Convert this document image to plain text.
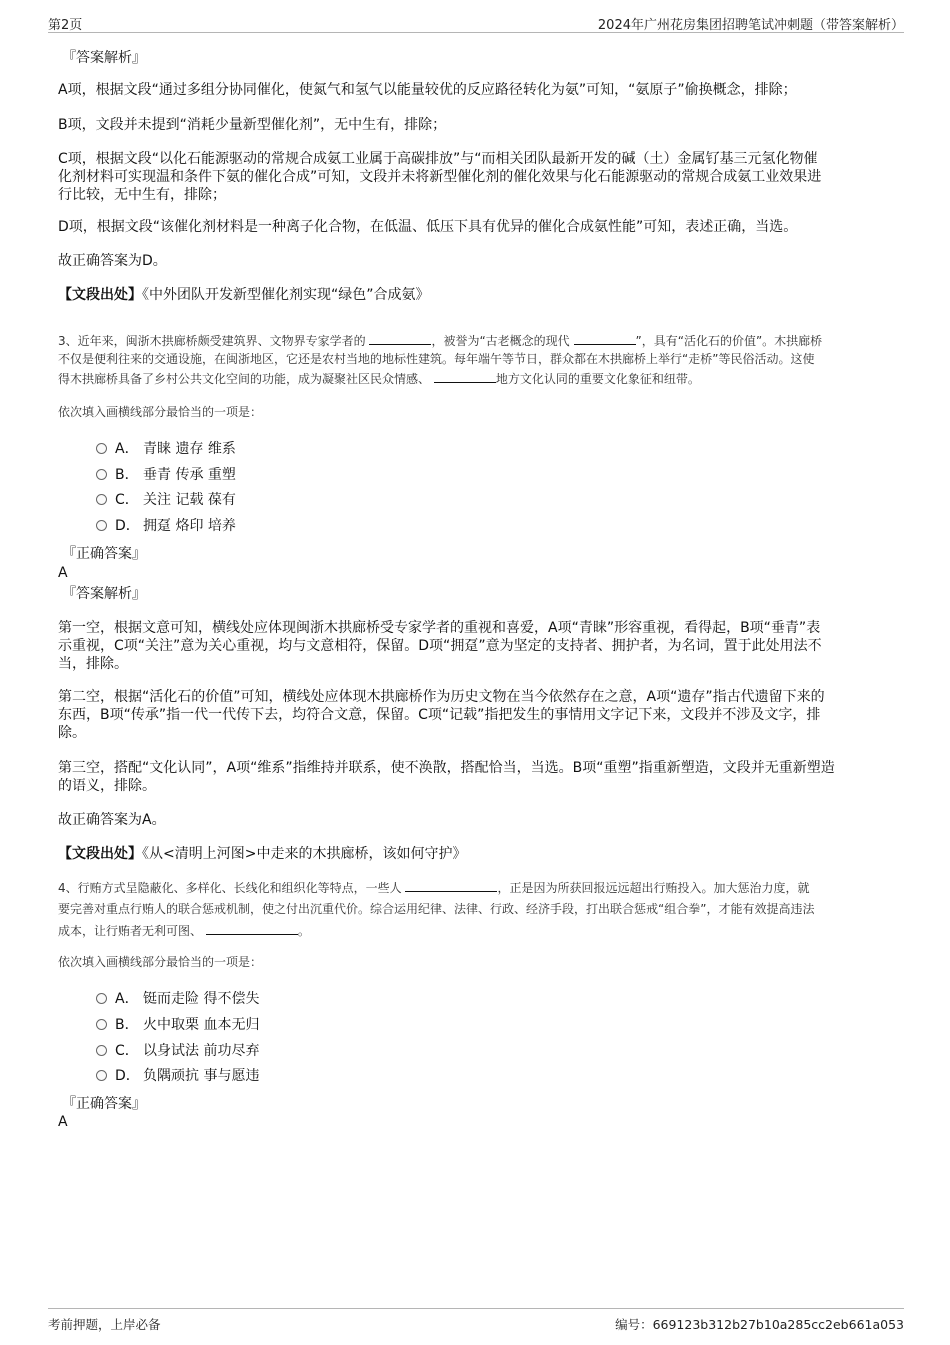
第2页	2024年广州花房集团招聘笔试冲刺题（带答案解析）
『答案解析』
A项，根据文段“通过多组分协同催化，使氮气和氢气以能量较优的反应路径转化为氨”可知，“氨原子”偷换概念，排除；
B项，文段并未提到“消耗少量新型催化剂”，无中生有，排除；
C项，根据文段“以化石能源驱动的常规合成氨工业属于高碳排放”与“而相关团队最新开发的碱（土）金属钌基三元氢化物催
化剂材料可实现温和条件下氨的催化合成”可知，文段并未将新型催化剂的催化效果与化石能源驱动的常规合成氨工业效果进
行比较，无中生有，排除；
D项，根据文段“该催化剂材料是一种离子化合物，在低温、低压下具有优异的催化合成氨性能”可知，表述正确，当选。
故正确答案为D。
【文段出处】《中外团队开发新型催化剂实现“绿色”合成氨》
3、近年来，闽浙木拱廊桥颇受建筑界、文物界专家学者的	，被誉为“古老概念的现代	”，具有“活化石的价值”。木拱廊桥
不仅是便利往来的交通设施，在闽浙地区，它还是农村当地的地标性建筑。每年端午等节日，群众都在木拱廊桥上举行“走桥”等民俗活动。这使
得木拱廊桥具备了乡村公共文化空间的功能，成为凝聚社区民众情感、	地方文化认同的重要文化象征和纽带。
依次填入画横线部分最恰当的一项是：
A． 青睐 遗存 维系
B． 垂青 传承 重塑
C． 关注 记载 葆有
D． 拥趸 烙印 培养
『正确答案』
A
『答案解析』
第一空，根据文意可知，横线处应体现闽浙木拱廊桥受专家学者的重视和喜爱，A项“青睐”形容重视，看得起，B项“垂青”表
示重视，C项“关注”意为关心重视，均与文意相符，保留。D项“拥趸”意为坚定的支持者、拥护者，为名词，置于此处用法不
当，排除。
第二空，根据“活化石的价值”可知，横线处应体现木拱廊桥作为历史文物在当今依然存在之意，A项“遗存”指古代遗留下来的
东西，B项“传承”指一代一代传下去，均符合文意，保留。C项“记载”指把发生的事情用文字记下来，文段并不涉及文字，排
除。
第三空，搭配“文化认同”，A项“维系”指维持并联系，使不涣散，搭配恰当，当选。B项“重塑”指重新塑造，文段并无重新塑造
的语义，排除。
故正确答案为A。
【文段出处】《从<清明上河图>中走来的木拱廊桥，该如何守护》
4、行贿方式呈隐蔽化、多样化、长线化和组织化等特点，一些人	，正是因为所获回报远远超出行贿投入。加大惩治力度，就
要完善对重点行贿人的联合惩戒机制，使之付出沉重代价。综合运用纪律、法律、行政、经济手段，打出联合惩戒“组合拳”，才能有效提高违法
成本，让行贿者无利可图、	。
依次填入画横线部分最恰当的一项是：
A． 铤而走险 得不偿失
B． 火中取栗 血本无归
C． 以身试法 前功尽弃
D． 负隅顽抗 事与愿违
『正确答案』
A
考前押题，上岸必备	编号：669123b312b27b10a285cc2eb661a053
